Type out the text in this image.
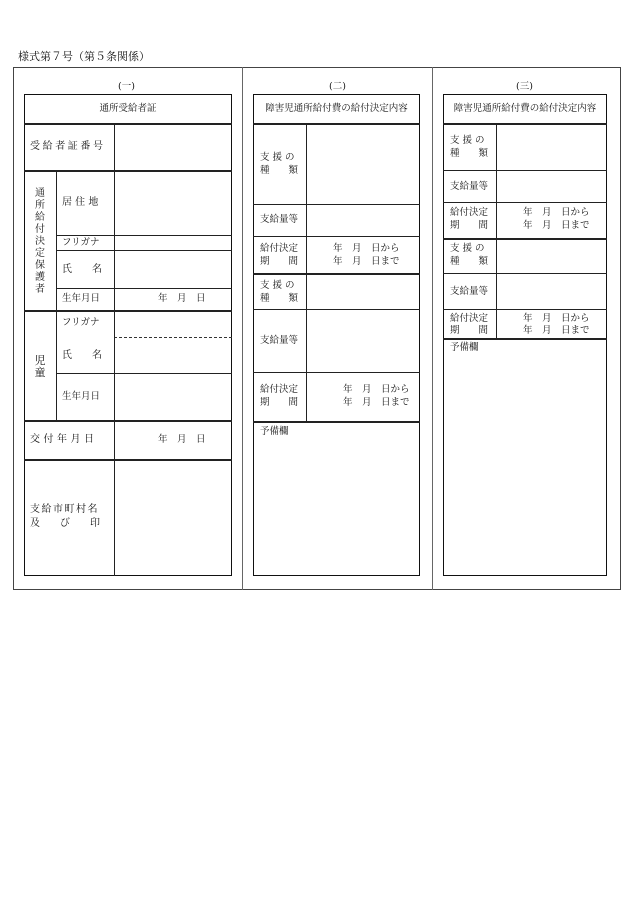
様式第７号（第５条関係）
(一)
通所受給者証
受給者証番号
通所給付決定保護者
居 住 地
フリガナ
氏　　名
生年月日	年　月　日
児童
フリガナ
氏　　名
生年月日
交付年月日	年　月　日
支給市町村名
及　　び　　印
(二)
障害児通所給付費の給付決定内容
支 援 の
種　　類
支給量等
給付決定
期　　間
年　月　日から
年　月　日まで
支 援 の
種　　類
支給量等
給付決定
期　　間
年　月　日から
年　月　日まで
予備欄
(三)
障害児通所給付費の給付決定内容
支 援 の
種　　類
支給量等
給付決定
期　　間
年　月　日から
年　月　日まで
支 援 の
種　　類
支給量等
給付決定
期　　間
年　月　日から
年　月　日まで
予備欄
